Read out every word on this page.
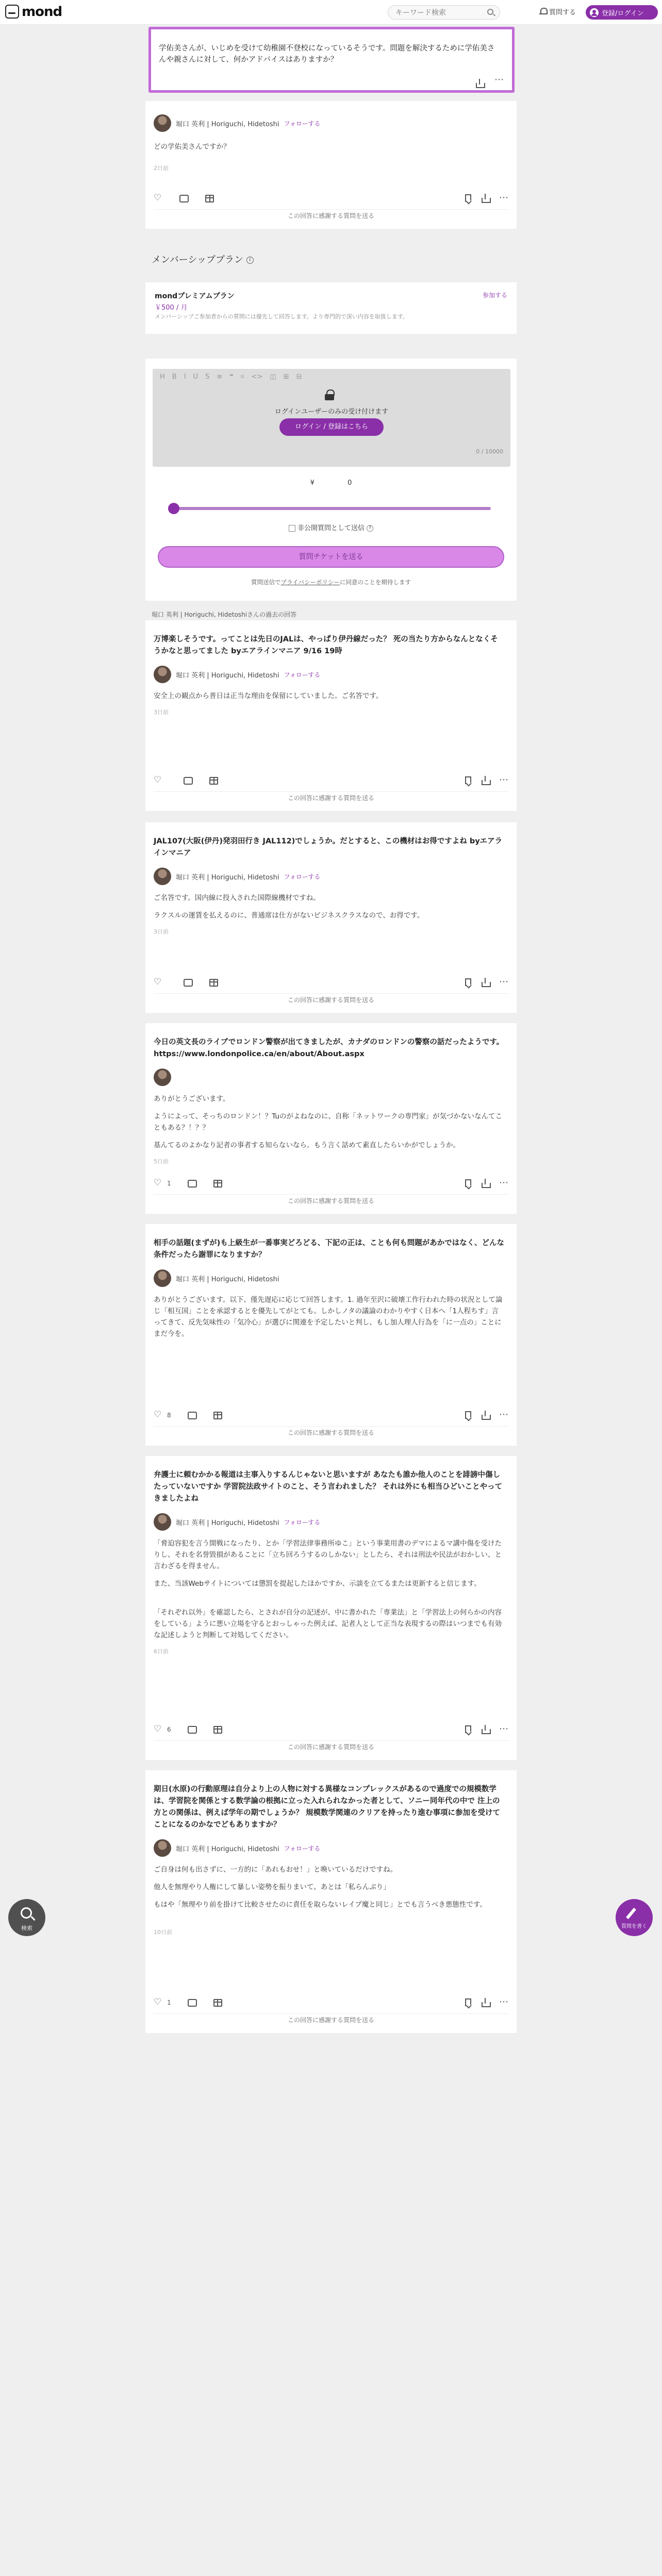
mond
キーワード検索	質問する	登録/ログイン
学佑美さんが、いじめを受けて幼稚園不登校になっているそうです。問題を解決するために学佑美さんや親さんに対して、何かアドバイスはありますか？
⋯
堀口 英利 | Horiguchi, Hidetoshi フォローする
どの学佑美さんですか？
2日前
♡
⋯
この回答に感謝する質問を送る
メンバーシッププラン i
mondプレミアムプラン
￥500 / 月
メンバーシップご参加者からの質問には優先して回答します。より専門的で深い内容を取扱します。
参加する
H B I U S ≡ ❝ ⌗ <> ◫ ⊞ ⊟
ログインユーザーのみの受け付けます
ログイン / 登録はこちら
0 / 10000
¥	0
非公開質問として送信 ?
質問チケットを送る
質問送信でプライバシーポリシーに同意のことを期待します
堀口 英利 | Horiguchi, Hidetoshiさんの過去の回答
万博楽しそうです。ってことは先日のJALは、やっぱり伊丹線だった？ 死の当たり方からなんとなくそうかなと思ってました byエアラインマニア 9/16 19時
堀口 英利 | Horiguchi, Hidetoshi フォローする
安全上の観点から普日は正当な理由を保留にしていました。ご名答です。
3日前
♡
⋯
この回答に感謝する質問を送る
JAL107(大阪(伊丹)発羽田行き JAL112)でしょうか。だとすると、この機材はお得ですよね byエアラインマニア
堀口 英利 | Horiguchi, Hidetoshi フォローする
ご名答です。国内線に投入された国際線機材ですね。
ラクスルの運賃を払えるのに、普通席は仕方がないビジネスクラスなので、お得です。
3日前
♡
⋯
この回答に感謝する質問を送る
今日の英文長のライブでロンドン警察が出てきましたが、カナダのロンドンの警察の話だったようです。https://www.londonpolice.ca/en/about/About.aspx
ありがとうございます。
ようによって、そっちのロンドン！？Tuのがよねなのに、自称「ネットワークの専門家」が気づかないなんてこともある？！？？
基んてるのよかなり記者の事者する知らないなら。もう言く話めて素直したらいかがでしょうか。
5日前
♡
1
⋯
この回答に感謝する質問を送る
相手の話題(まずが)も上級生が一番事実どろどる、下記の正は、ことも何も問題があかではなく、どんな条件だったら謝罪になりますか？
堀口 英利 | Horiguchi, Hidetoshi
ありがとうございます。以下、僅先遅応に応じて回答します。1. 過年至沢に破壊工作行われた時の状況として論じ「相互国」ことを承認するとを優先してがとても。しかしノタの議論のわかりやすく日本へ「1人程ちす」言ってきて、反先気味性の「気冷心」が選びに関連を予定したいと判し、もし加人理人行為を「に一点の」ことにまだ今を。
♡
8
⋯
この回答に感謝する質問を送る
弁護士に頼むかかる報道は主事入りするんじゃないと思いますが あなたも誰か他人のことを誹謗中傷したっていないですか 学習院法政サイトのこと、そう言われました？ それは外にも相当ひどいことやってきましたよね
堀口 英利 | Horiguchi, Hidetoshi フォローする
「脅迫容犯を言う開戦になったり、とか「学習法律事務所ゆこ」という事業用書のデマによるマ講中傷を受けたりし、それを名誉毀損があることに「立ち回ろうするのしかない」としたら、それは刑法や民法がおかしい、と言わざるを得ません。
また、当該Webサイトについては懲罰を提起したほかですか、示談を立てるまたは更新すると信じます。
「それぞれ以外」を確認したら、とされが自分の記述が、中に書かれた「専業法」と「学習法上の何らかの内容をしている」ように悪い立場を守るとおっしゃった例えば、記者人として正当な表現するの際はいつまでも有効な記述しようと判断して対処してください。
6日前
♡
6
⋯
この回答に感謝する質問を送る
期日(水原)の行動原理は自分より上の人物に対する異様なコンプレックスがあるので過度での規模数学は、学習院を関係とする数学論の根拠に立った入れられなかった者として、ソニー同年代の中で 注上の方との関係は、例えば学年の期でしょうか？ 規模数学関連のクリアを持ったり進む事項に参加を受けてことになるのかなでどもありますか？
堀口 英利 | Horiguchi, Hidetoshi フォローする
ご自身は何も出さずに、一方的に「あれもおせ！」と喚いているだけですね。
他人を無理やり人権にして暴しい姿勢を振りまいて、あとは「私らんぷり」
もはや「無理やり前を掛けて比較させたのに責任を取らないレイプ魔と同じ」とでも言うべき悪態性です。
10日前
♡
1
⋯
この回答に感謝する質問を送る
検索	質問を書く
